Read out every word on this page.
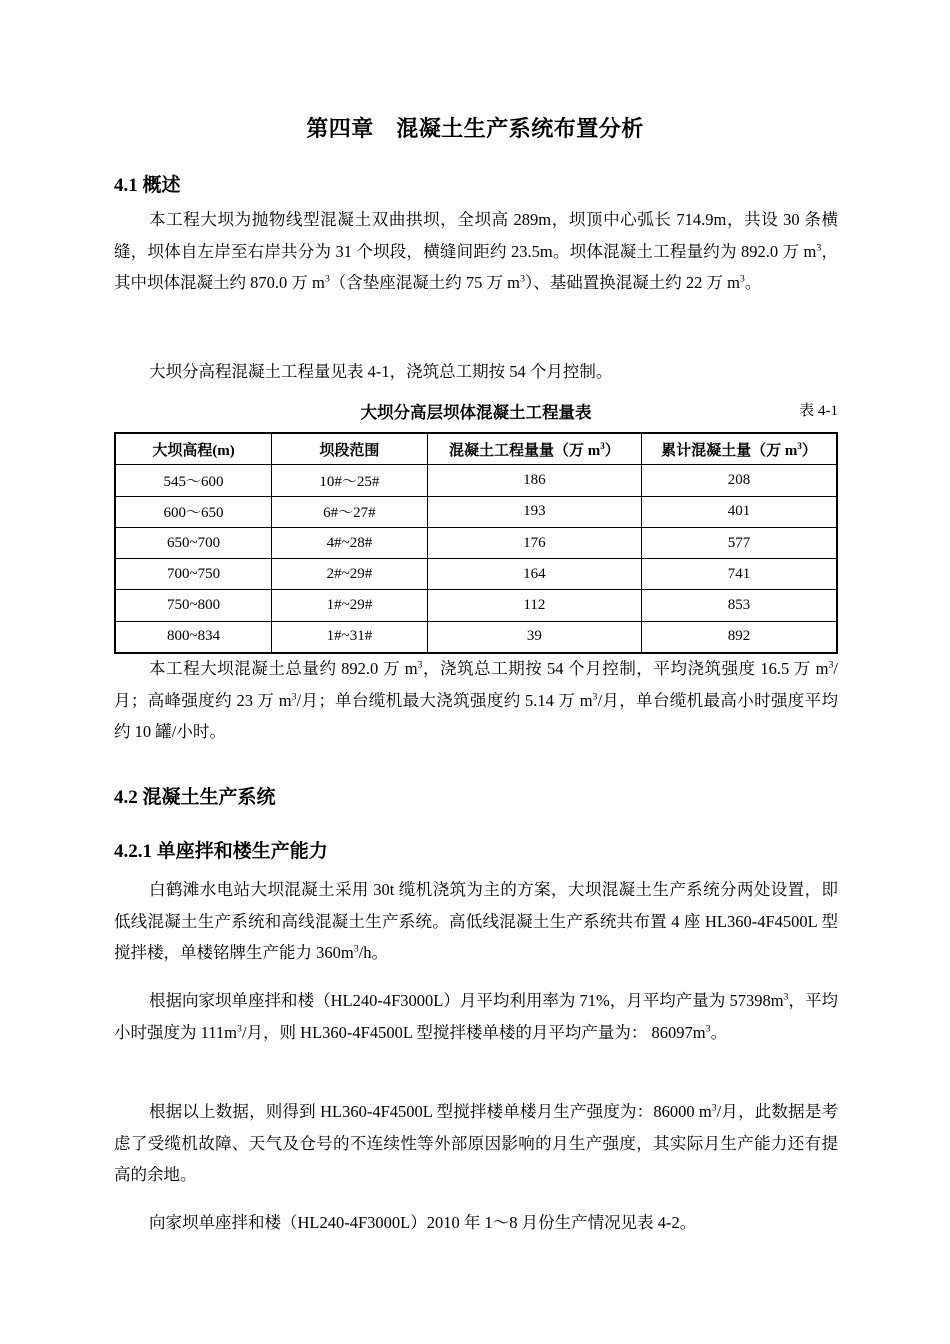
第四章　混凝土生产系统布置分析
4.1 概述

本工程大坝为抛物线型混凝土双曲拱坝，全坝高 289m，坝顶中心弧长 714.9m，共设 30 条横缝，坝体自左岸至右岸共分为 31 个坝段，横缝间距约 23.5m。坝体混凝土工程量约为 892.0 万 $m^3$，其中坝体混凝土约 870.0 万 $m^3$（含垫座混凝土约 75 万 $m^3$）、基础置换混凝土约 22 万 $m^3$。

大坝分高程混凝土工程量见表 4-1，浇筑总工期按 54 个月控制。

大坝分高层坝体混凝土工程量表	表 4-1
大坝高程(m)	坝段范围	混凝土工程量量（万 $m^3$）	累计混凝土量（万 $m^3$）
545～600	10#～25#	186	208
600～650	6#～27#	193	401
650~700	4#~28#	176	577
700~750	2#~29#	164	741
750~800	1#~29#	112	853
800~834	1#~31#	39	892

本工程大坝混凝土总量约 892.0 万 $m^3$，浇筑总工期按 54 个月控制，平均浇筑强度 16.5 万 $m^3/$月；高峰强度约 23 万 $m^3/$月；单台缆机最大浇筑强度约 5.14 万 $m^3/$月，单台缆机最高小时强度平均约 10 罐/小时。

4.2 混凝土生产系统
4.2.1 单座拌和楼生产能力

白鹤滩水电站大坝混凝土采用 30t 缆机浇筑为主的方案，大坝混凝土生产系统分两处设置，即低线混凝土生产系统和高线混凝土生产系统。高低线混凝土生产系统共布置 4 座 HL360-4F4500L 型搅拌楼，单楼铭牌生产能力 $360m^3/h$。

根据向家坝单座拌和楼（HL240-4F3000L）月平均利用率为 71%，月平均产量为 $57398m^3$，平均小时强度为 $111m^3/$月，则 HL360-4F4500L 型搅拌楼单楼的月平均产量为： $86097m^3$。

根据以上数据，则得到 HL360-4F4500L 型搅拌楼单楼月生产强度为：86000 $m^3/$月，此数据是考虑了受缆机故障、天气及仓号的不连续性等外部原因影响的月生产强度，其实际月生产能力还有提高的余地。

向家坝单座拌和楼（HL240-4F3000L）2010 年 1～8 月份生产情况见表 4-2。
